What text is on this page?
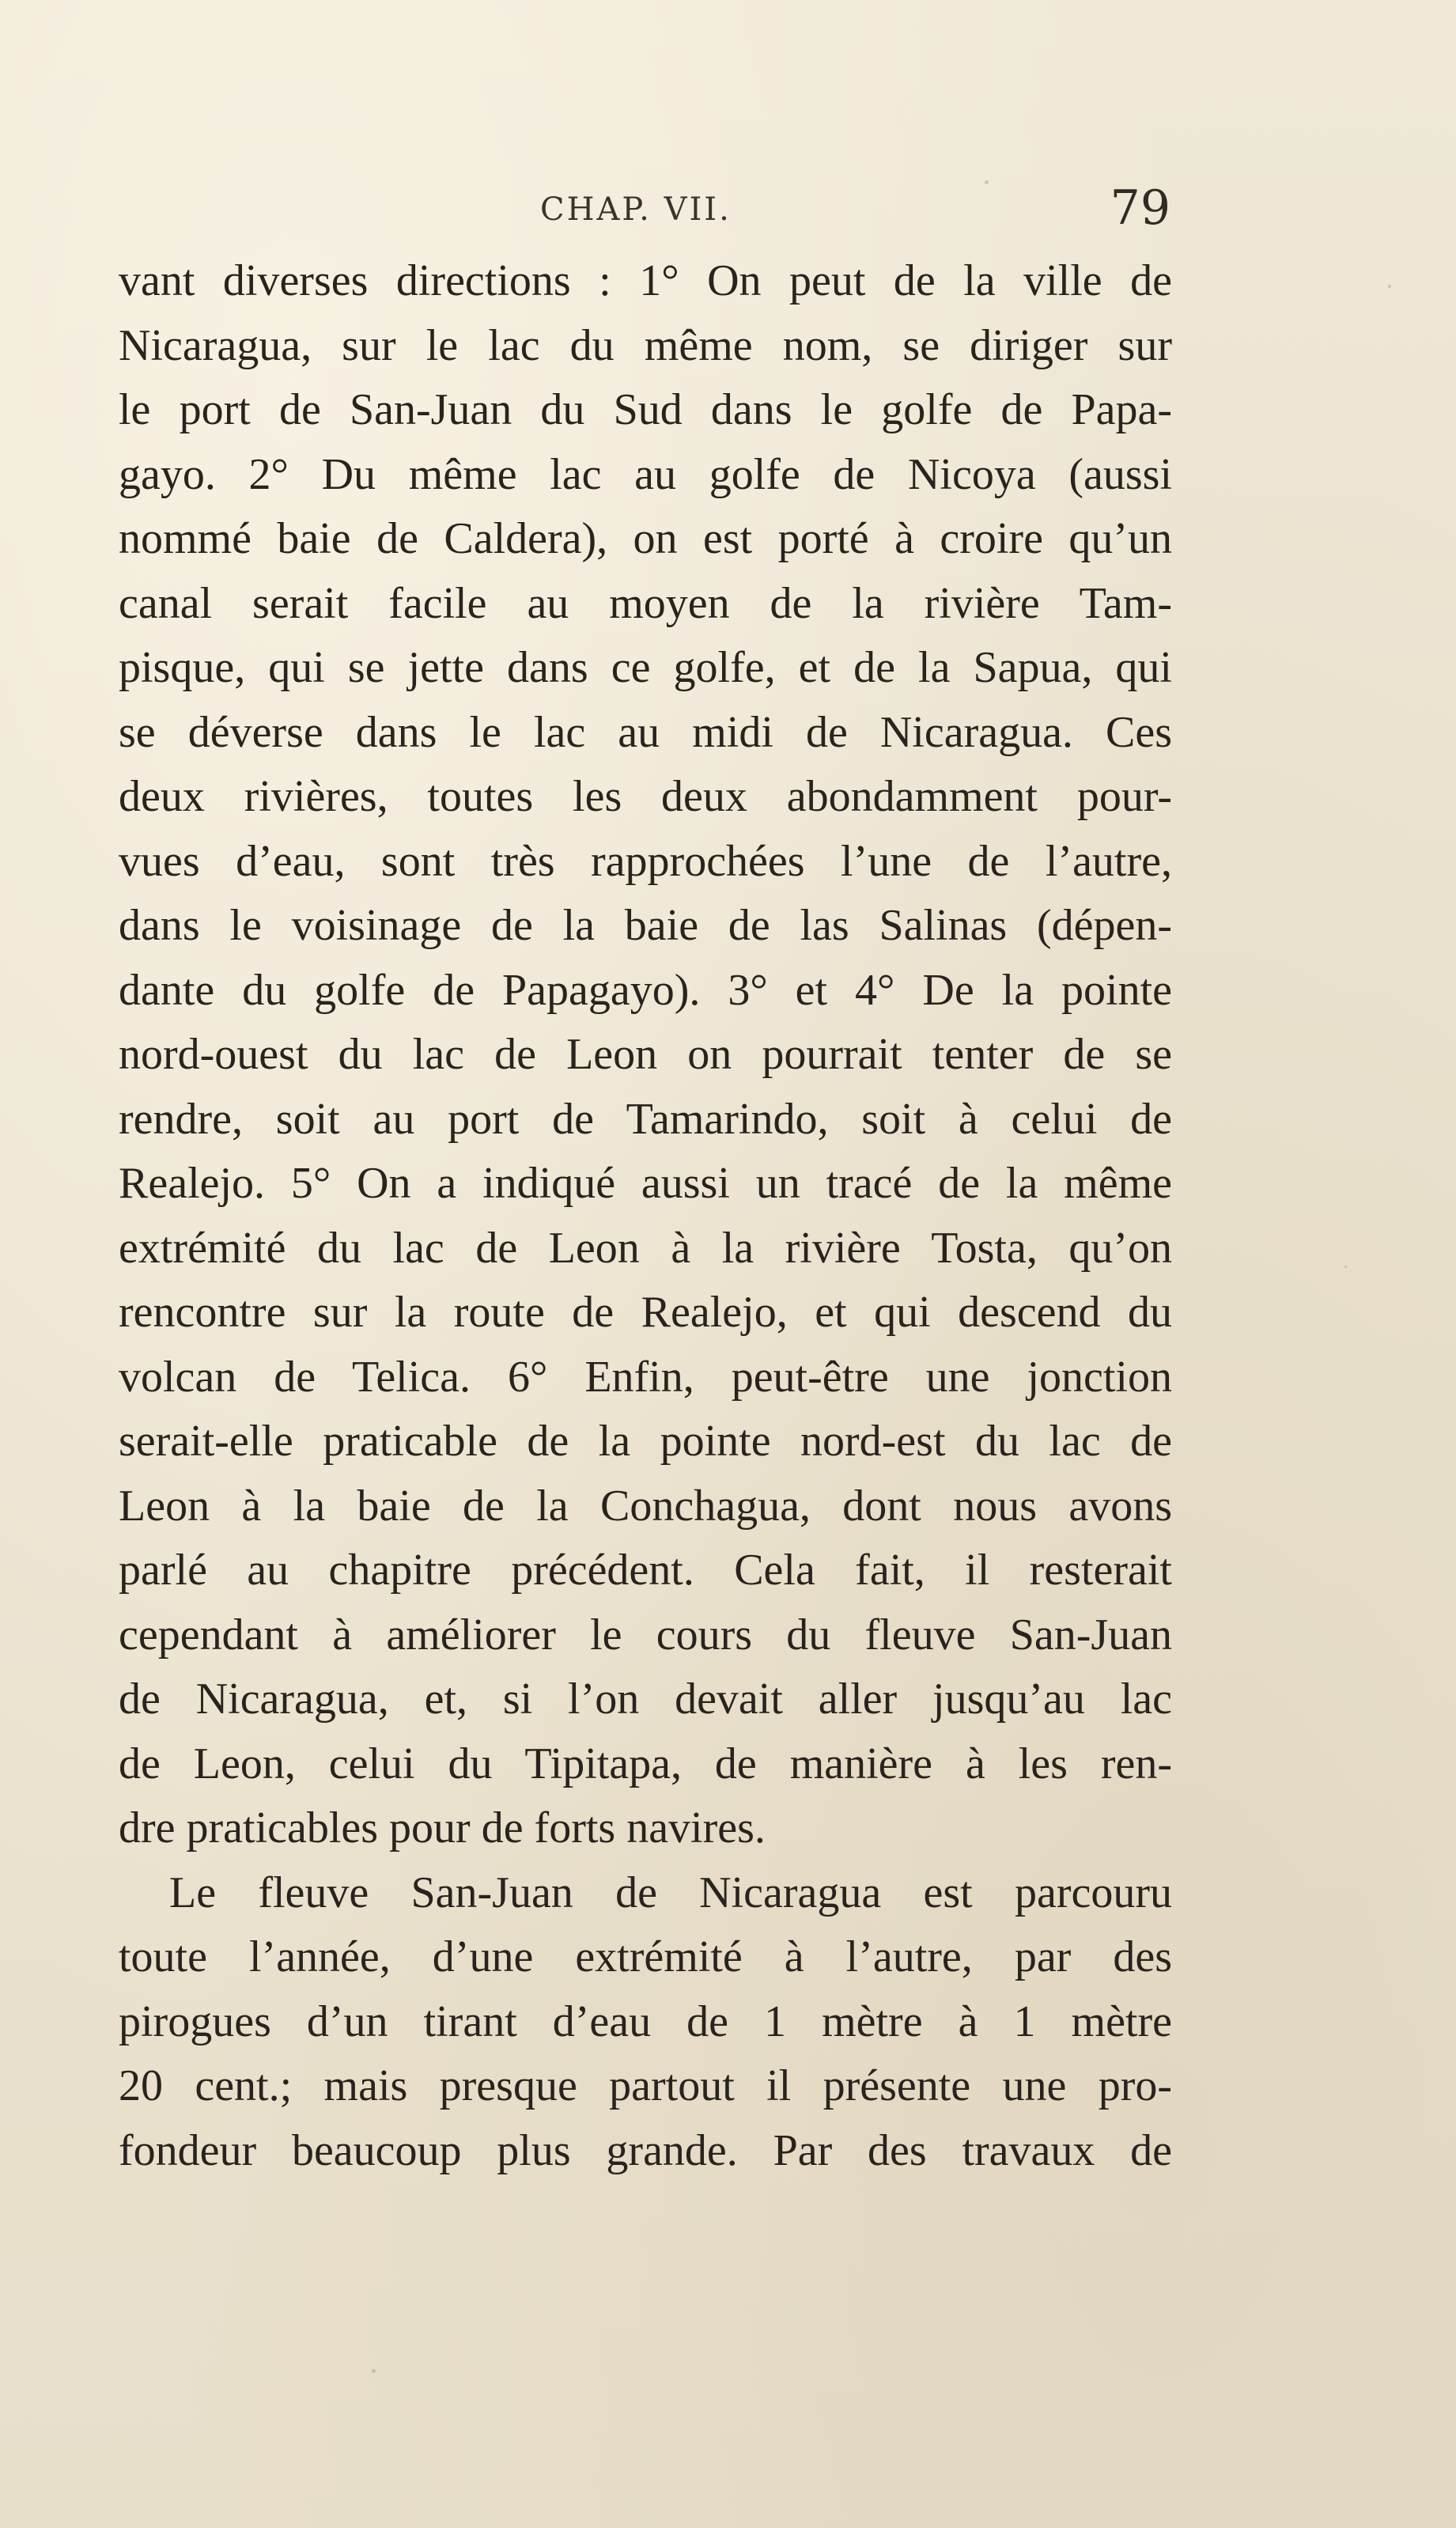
CHAP. VII.	79
vant diverses directions : 1° On peut de la ville de
Nicaragua, sur le lac du même nom, se diriger sur
le port de San-Juan du Sud dans le golfe de Papa-
gayo. 2° Du même lac au golfe de Nicoya (aussi
nommé baie de Caldera), on est porté à croire qu’un
canal serait facile au moyen de la rivière Tam-
pisque, qui se jette dans ce golfe, et de la Sapua, qui
se déverse dans le lac au midi de Nicaragua. Ces
deux rivières, toutes les deux abondamment pour-
vues d’eau, sont très rapprochées l’une de l’autre,
dans le voisinage de la baie de las Salinas (dépen-
dante du golfe de Papagayo). 3° et 4° De la pointe
nord-ouest du lac de Leon on pourrait tenter de se
rendre, soit au port de Tamarindo, soit à celui de
Realejo. 5° On a indiqué aussi un tracé de la même
extrémité du lac de Leon à la rivière Tosta, qu’on
rencontre sur la route de Realejo, et qui descend du
volcan de Telica. 6° Enfin, peut-être une jonction
serait-elle praticable de la pointe nord-est du lac de
Leon à la baie de la Conchagua, dont nous avons
parlé au chapitre précédent. Cela fait, il resterait
cependant à améliorer le cours du fleuve San-Juan
de Nicaragua, et, si l’on devait aller jusqu’au lac
de Leon, celui du Tipitapa, de manière à les ren-
dre praticables pour de forts navires.
Le fleuve San-Juan de Nicaragua est parcouru
toute l’année, d’une extrémité à l’autre, par des
pirogues d’un tirant d’eau de 1 mètre à 1 mètre
20 cent.; mais presque partout il présente une pro-
fondeur beaucoup plus grande. Par des travaux de
